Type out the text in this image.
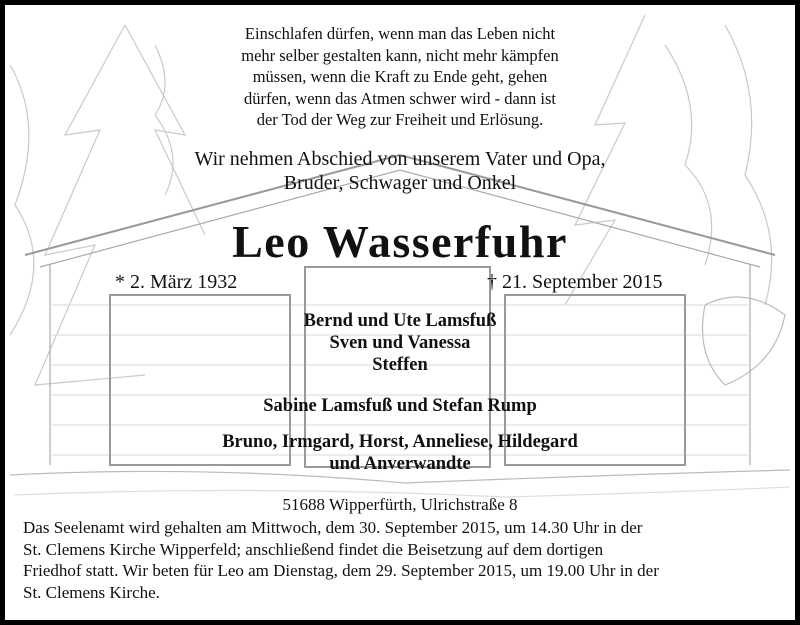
Einschlafen dürfen, wenn man das Leben nicht
mehr selber gestalten kann, nicht mehr kämpfen
müssen, wenn die Kraft zu Ende geht, gehen
dürfen, wenn das Atmen schwer wird - dann ist
der Tod der Weg zur Freiheit und Erlösung.
Wir nehmen Abschied von unserem Vater und Opa,
Bruder, Schwager und Onkel
Leo Wasserfuhr
* 2. März 1932	† 21. September 2015
Bernd und Ute Lamsfuß
Sven und Vanessa
Steffen
Sabine Lamsfuß und Stefan Rump
Bruno, Irmgard, Horst, Anneliese, Hildegard
und Anverwandte
51688 Wipperfürth, Ulrichstraße 8
Das Seelenamt wird gehalten am Mittwoch, dem 30. September 2015, um 14.30 Uhr in der
St. Clemens Kirche Wipperfeld; anschließend findet die Beisetzung auf dem dortigen
Friedhof statt. Wir beten für Leo am Dienstag, dem 29. September 2015, um 19.00 Uhr in der
St. Clemens Kirche.
